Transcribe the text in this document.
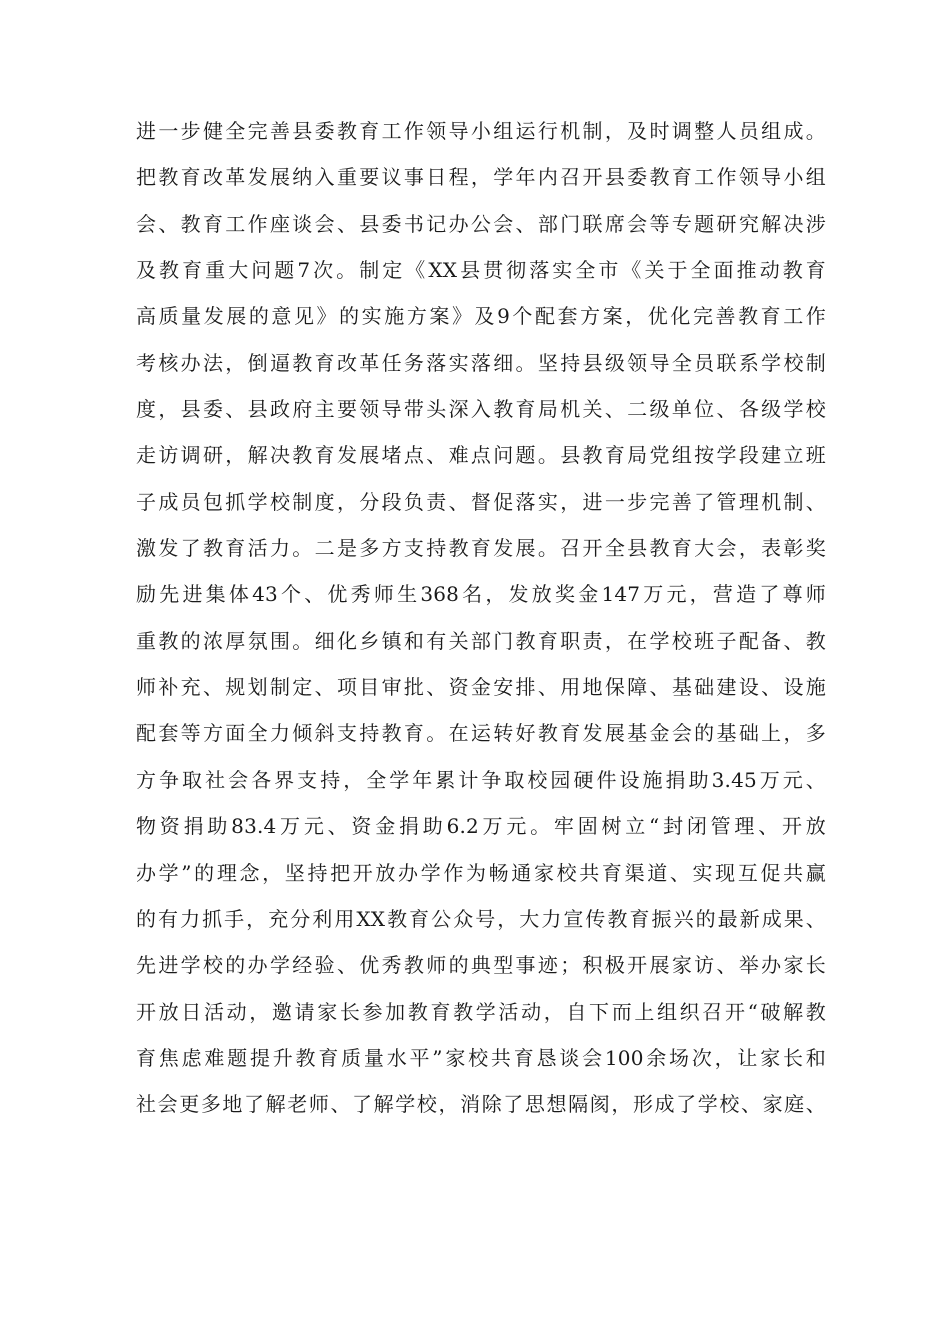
进一步健全完善县委教育工作领导小组运行机制，及时调整人员组成。
把教育改革发展纳入重要议事日程，学年内召开县委教育工作领导小组
会、教育工作座谈会、县委书记办公会、部门联席会等专题研究解决涉
及教育重大问题7次。制定《XX县贯彻落实全市《关于全面推动教育
高质量发展的意见》的实施方案》及9个配套方案，优化完善教育工作
考核办法，倒逼教育改革任务落实落细。坚持县级领导全员联系学校制
度，县委、县政府主要领导带头深入教育局机关、二级单位、各级学校
走访调研，解决教育发展堵点、难点问题。县教育局党组按学段建立班
子成员包抓学校制度，分段负责、督促落实，进一步完善了管理机制、
激发了教育活力。二是多方支持教育发展。召开全县教育大会，表彰奖
励先进集体43个、优秀师生368名，发放奖金147万元，营造了尊师
重教的浓厚氛围。细化乡镇和有关部门教育职责，在学校班子配备、教
师补充、规划制定、项目审批、资金安排、用地保障、基础建设、设施
配套等方面全力倾斜支持教育。在运转好教育发展基金会的基础上，多
方争取社会各界支持，全学年累计争取校园硬件设施捐助3.45万元、
物资捐助83.4万元、资金捐助6.2万元。牢固树立“封闭管理、开放
办学”的理念，坚持把开放办学作为畅通家校共育渠道、实现互促共赢
的有力抓手，充分利用XX教育公众号，大力宣传教育振兴的最新成果、
先进学校的办学经验、优秀教师的典型事迹；积极开展家访、举办家长
开放日活动，邀请家长参加教育教学活动，自下而上组织召开“破解教
育焦虑难题提升教育质量水平”家校共育恳谈会100余场次，让家长和
社会更多地了解老师、了解学校，消除了思想隔阂，形成了学校、家庭、
